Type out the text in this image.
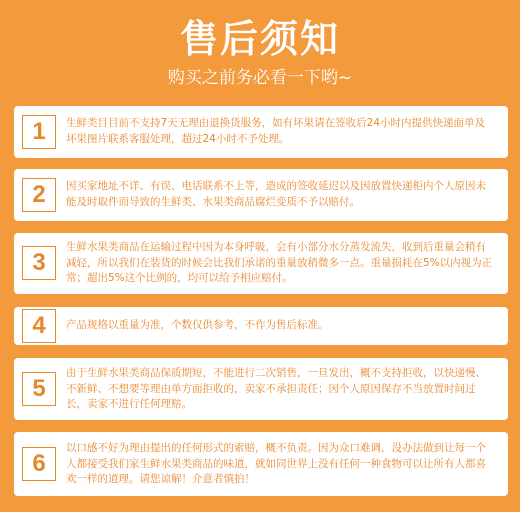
售后须知
购买之前务必看一下哟~
1	生鲜类目目前不支持7天无理由退换货服务，如有坏果请在签收后24小时内提供快递面单及坏果图片联系客服处理，超过24小时不予处理。
2	因买家地址不详、有误、电话联系不上等，造成的签收延迟以及因放置快递柜内个人原因未能及时取件而导致的生鲜类、水果类商品腐烂变质不予以赔付。
3
生鲜水果类商品在运输过程中因为本身呼吸，会有小部分水分蒸发流失，收到后重量会稍有减轻，所以我们在装货的时候会比我们承诺的重量放稍微多一点。重量损耗在5%以内视为正常；超出5%这个比例的，均可以给予相应赔付。
4	产品规格以重量为准，个数仅供参考，不作为售后标准。
5
由于生鲜水果类商品保质期短，不能进行二次销售，一旦发出，概不支持拒收，以快递慢、不新鲜、不想要等理由单方面拒收的，卖家不承担责任；因个人原因保存不当放置时间过长，卖家不进行任何理赔。
6
以口感不好为理由提出的任何形式的索赔，概不负责。因为众口难调，没办法做到让每一个人都接受我们家生鲜水果类商品的味道，就如同世界上没有任何一种食物可以让所有人都喜欢一样的道理。请您谅解！介意者慎拍！
